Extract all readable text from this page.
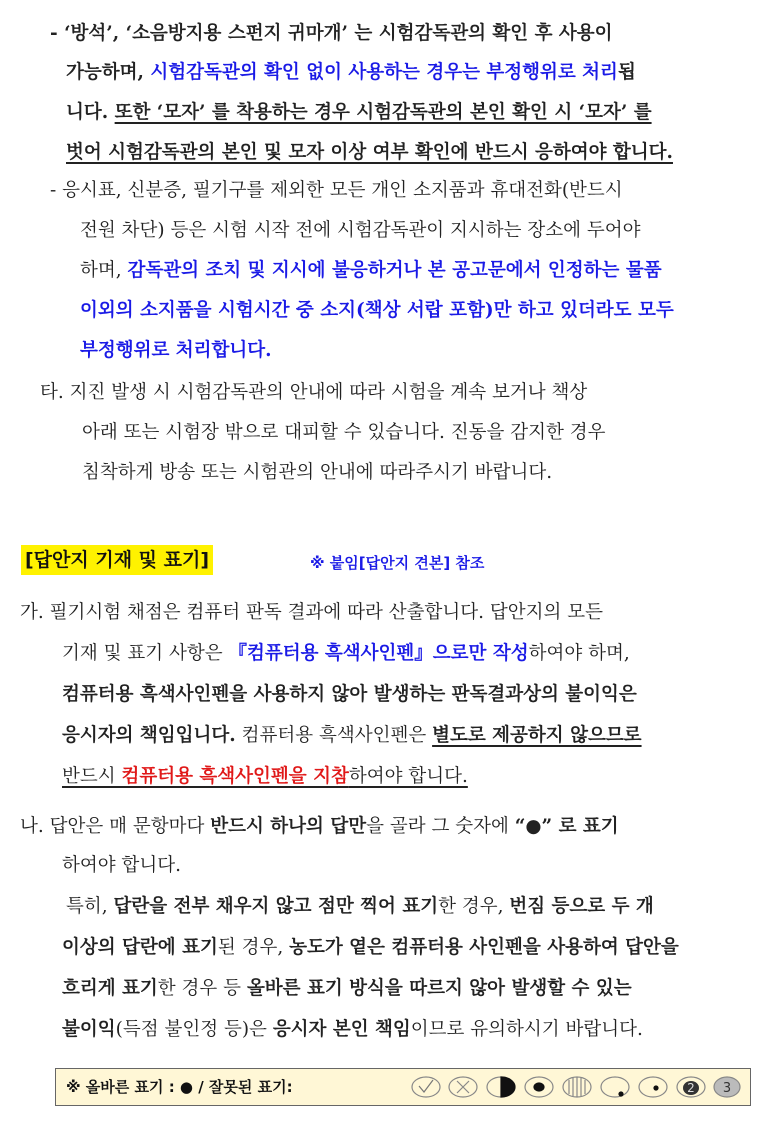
- ‘방석’, ‘소음방지용 스펀지 귀마개’ 는 시험감독관의 확인 후 사용이
가능하며, 시험감독관의 확인 없이 사용하는 경우는 부정행위로 처리됩
니다. 또한 ‘모자’ 를 착용하는 경우 시험감독관의 본인 확인 시 ‘모자’ 를
벗어 시험감독관의 본인 및 모자 이상 여부 확인에 반드시 응하여야 합니다.
- 응시표, 신분증, 필기구를 제외한 모든 개인 소지품과 휴대전화(반드시
전원 차단) 등은 시험 시작 전에 시험감독관이 지시하는 장소에 두어야
하며, 감독관의 조치 및 지시에 불응하거나 본 공고문에서 인정하는 물품
이외의 소지품을 시험시간 중 소지(책상 서랍 포함)만 하고 있더라도 모두
부정행위로 처리합니다.
타. 지진 발생 시 시험감독관의 안내에 따라 시험을 계속 보거나 책상
아래 또는 시험장 밖으로 대피할 수 있습니다. 진동을 감지한 경우
침착하게 방송 또는 시험관의 안내에 따라주시기 바랍니다.
[답안지 기재 및 표기]	※ 붙임[답안지 견본] 참조
가. 필기시험 채점은 컴퓨터 판독 결과에 따라 산출합니다. 답안지의 모든
기재 및 표기 사항은 『컴퓨터용 흑색사인펜』으로만 작성하여야 하며,
컴퓨터용 흑색사인펜을 사용하지 않아 발생하는 판독결과상의 불이익은
응시자의 책임입니다. 컴퓨터용 흑색사인펜은 별도로 제공하지 않으므로
반드시 컴퓨터용 흑색사인펜을 지참하여야 합니다.
나. 답안은 매 문항마다 반드시 하나의 답만을 골라 그 숫자에 “●” 로 표기
하여야 합니다.
특히, 답란을 전부 채우지 않고 점만 찍어 표기한 경우, 번짐 등으로 두 개
이상의 답란에 표기된 경우, 농도가 옅은 컴퓨터용 사인펜을 사용하여 답안을
흐리게 표기한 경우 등 올바른 표기 방식을 따르지 않아 발생할 수 있는
불이익(득점 불인정 등)은 응시자 본인 책임이므로 유의하시기 바랍니다.
※ 올바른 표기 : ● / 잘못된 표기:	2 3
